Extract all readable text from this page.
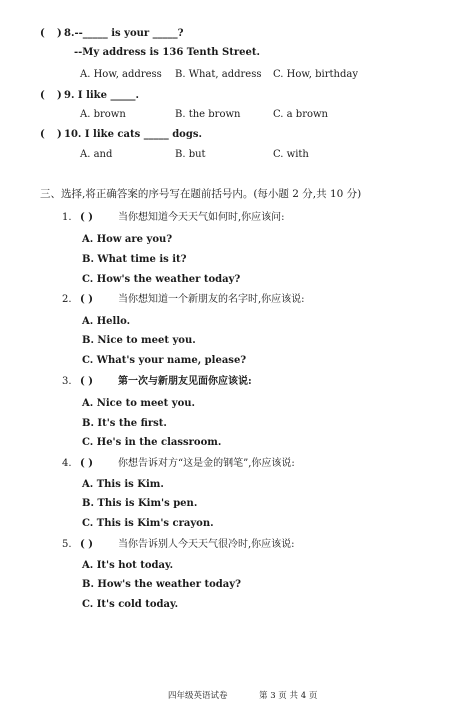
( ) 8.--_____ is your _____?
--My address is 136 Tenth Street.
A. How, address B. What, address C. How, birthday
( ) 9. I like _____.
A. brown	B. the brown	C. a brown
( ) 10. I like cats _____ dogs.
A. and	B. but	C. with
三、选择,将正确答案的序号写在题前括号内。(每小题 2 分,共 10 分)
1. ( )	当你想知道今天天气如何时,你应该问:
A. How are you?
B. What time is it?
C. How's the weather today?
2. ( )	当你想知道一个新朋友的名字时,你应该说:
A. Hello.
B. Nice to meet you.
C. What's your name, please?
3. ( )	第一次与新朋友见面你应该说:
A. Nice to meet you.
B. It's the first.
C. He's in the classroom.
4. ( )	你想告诉对方“这是金的钢笔”,你应该说:
A. This is Kim.
B. This is Kim's pen.
C. This is Kim's crayon.
5. ( )	当你告诉别人今天天气很冷时,你应该说:
A. It's hot today.
B. How's the weather today?
C. It's cold today.
四年级英语试卷	第 3 页 共 4 页
